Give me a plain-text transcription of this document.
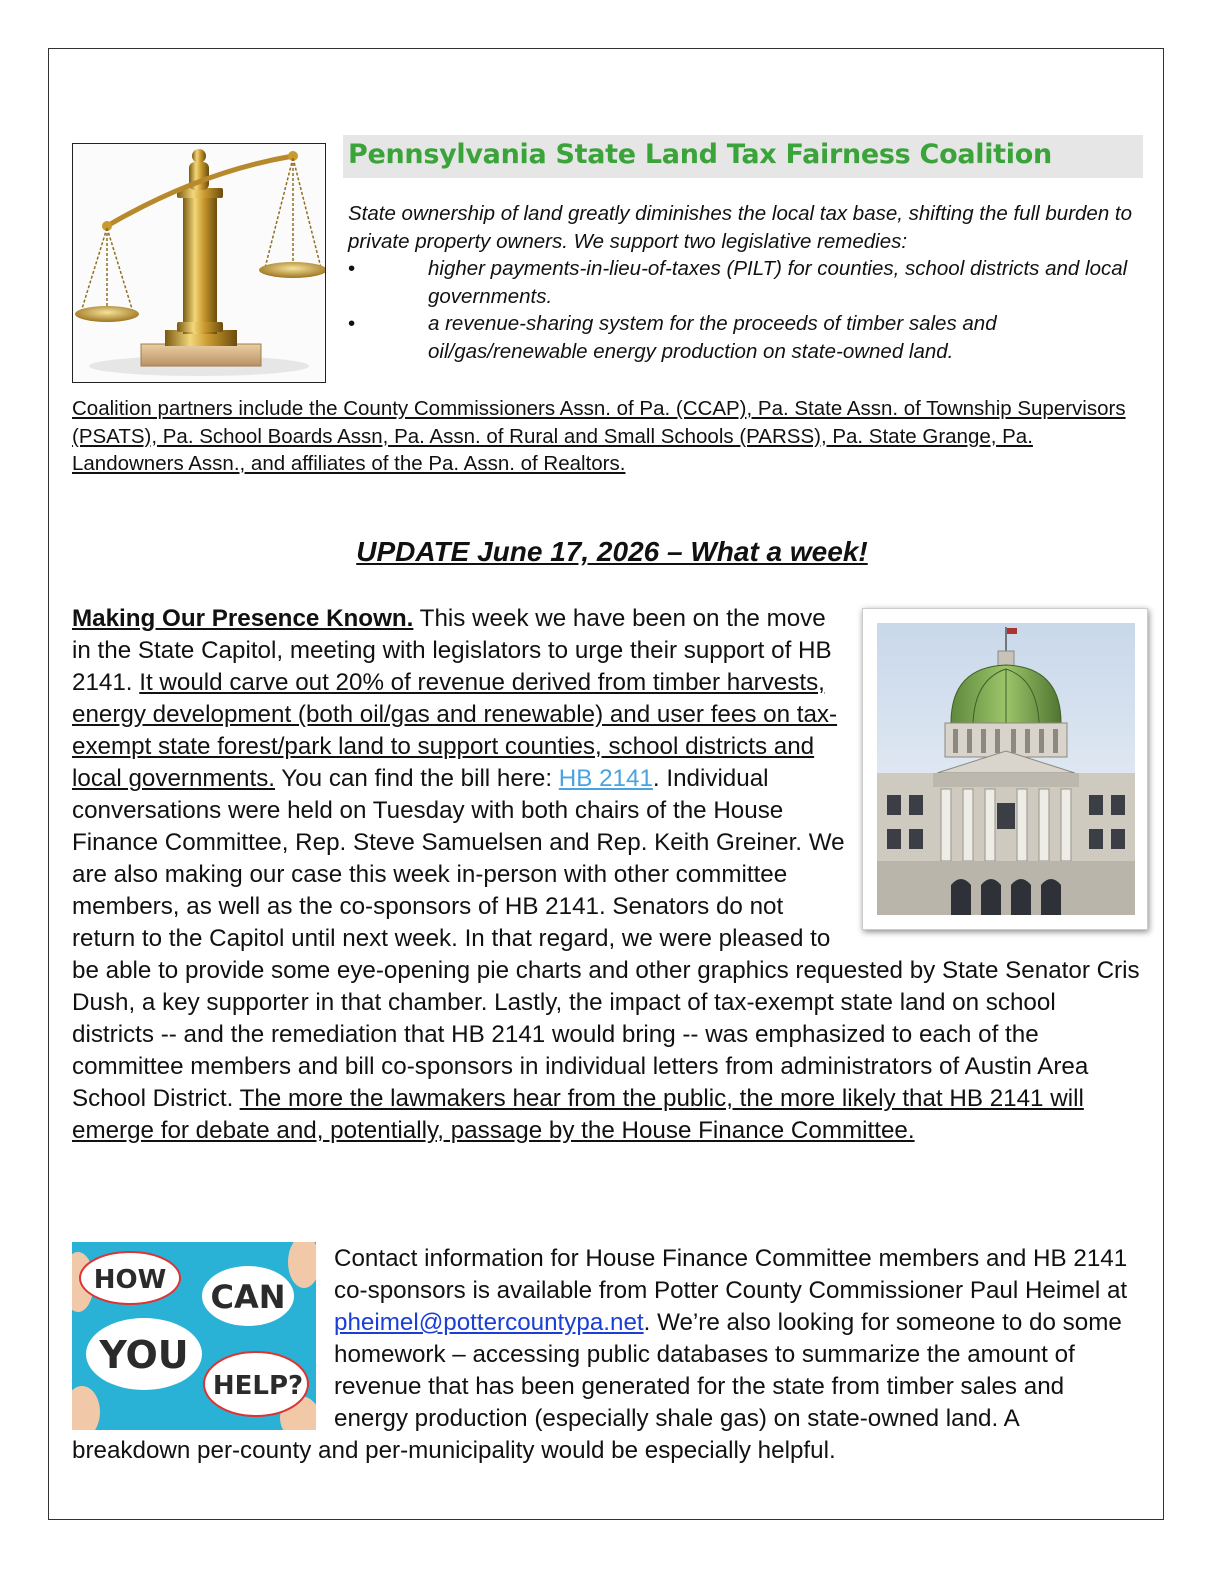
Pennsylvania State Land Tax Fairness Coalition

State ownership of land greatly diminishes the local tax base, shifting the full burden to private property owners. We support two legislative remedies:

•	higher payments-in-lieu-of-taxes (PILT) for counties, school districts and local governments.

•	a revenue-sharing system for the proceeds of timber sales and oil/gas/renewable energy production on state-owned land.

Coalition partners include the County Commissioners Assn. of Pa. (CCAP), Pa. State Assn. of Township Supervisors (PSATS), Pa. School Boards Assn, Pa. Assn. of Rural and Small Schools (PARSS), Pa. State Grange, Pa. Landowners Assn., and affiliates of the Pa. Assn. of Realtors.
UPDATE June 17, 2026 – What a week!

Making Our Presence Known. This week we have been on the move in the State Capitol, meeting with legislators to urge their support of HB 2141. It would carve out 20% of revenue derived from timber harvests, energy development (both oil/gas and renewable) and user fees on tax-exempt state forest/park land to support counties, school districts and local governments. You can find the bill here: HB 2141. Individual conversations were held on Tuesday with both chairs of the House Finance Committee, Rep. Steve Samuelsen and Rep. Keith Greiner. We are also making our case this week in-person with other committee members, as well as the co-sponsors of HB 2141. Senators do not return to the Capitol until next week. In that regard, we were pleased to be able to provide some eye-opening pie charts and other graphics requested by State Senator Cris Dush, a key supporter in that chamber. Lastly, the impact of tax-exempt state land on school districts -- and the remediation that HB 2141 would bring -- was emphasized to each of the committee members and bill co-sponsors in individual letters from administrators of Austin Area School District. The more the lawmakers hear from the public, the more likely that HB 2141 will emerge for debate and, potentially, passage by the House Finance Committee.

HOW CAN
YOU
HELP?

Contact information for House Finance Committee members and HB 2141 co-sponsors is available from Potter County Commissioner Paul Heimel at pheimel@pottercountypa.net. We’re also looking for someone to do some homework – accessing public databases to summarize the amount of revenue that has been generated for the state from timber sales and energy production (especially shale gas) on state-owned land. A breakdown per-county and per-municipality would be especially helpful.
